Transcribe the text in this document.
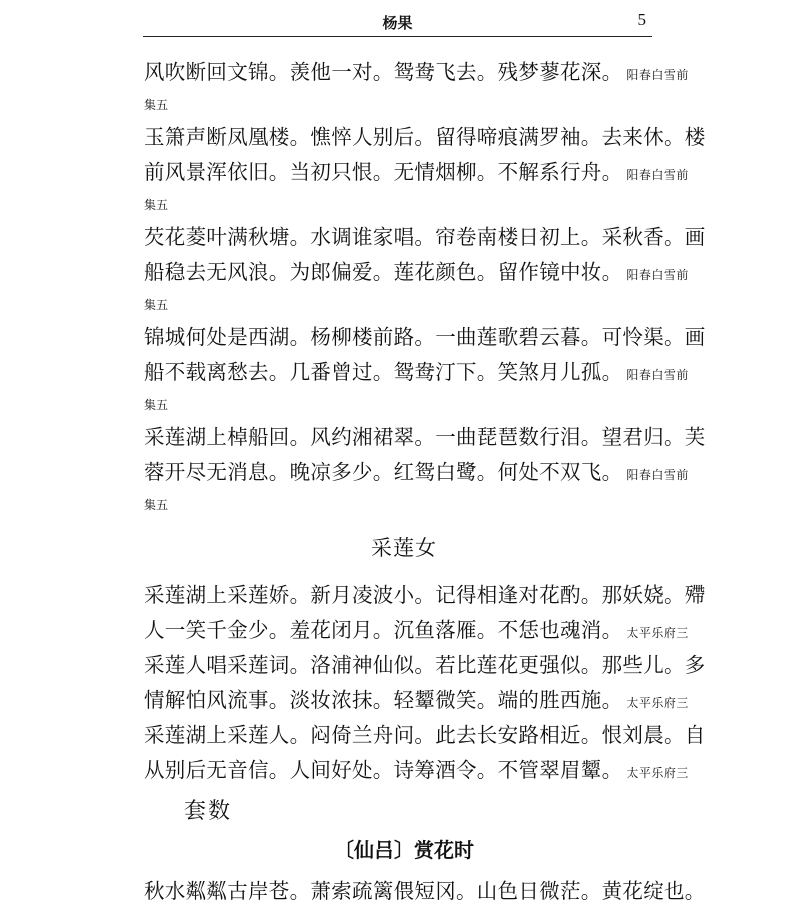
杨果	5
风吹断回文锦。羡他一对。鸳鸯飞去。残梦蓼花深。 阳春白雪前
集五
玉箫声断凤凰楼。憔悴人别后。留得啼痕满罗袖。去来休。楼
前风景浑依旧。当初只恨。无情烟柳。不解系行舟。 阳春白雪前
集五
芡花菱叶满秋塘。水调谁家唱。帘卷南楼日初上。采秋香。画
船稳去无风浪。为郎偏爱。莲花颜色。留作镜中妆。 阳春白雪前
集五
锦城何处是西湖。杨柳楼前路。一曲莲歌碧云暮。可怜渠。画
船不载离愁去。几番曾过。鸳鸯汀下。笑煞月儿孤。 阳春白雪前
集五
采莲湖上棹船回。风约湘裙翠。一曲琵琶数行泪。望君归。芙
蓉开尽无消息。晚凉多少。红鸳白鹭。何处不双飞。 阳春白雪前
集五
采莲女
采莲湖上采莲娇。新月凌波小。记得相逢对花酌。那妖娆。殢
人一笑千金少。羞花闭月。沉鱼落雁。不恁也魂消。 太平乐府三
采莲人唱采莲词。洛浦神仙似。若比莲花更强似。那些儿。多
情解怕风流事。淡妆浓抹。轻颦微笑。端的胜西施。 太平乐府三
采莲湖上采莲人。闷倚兰舟问。此去长安路相近。恨刘晨。自
从别后无音信。人间好处。诗筹酒令。不管翠眉颦。 太平乐府三
套数
〔仙吕〕赏花时
秋水粼粼古岸苍。萧索疏篱偎短冈。山色日微茫。黄花绽也。
